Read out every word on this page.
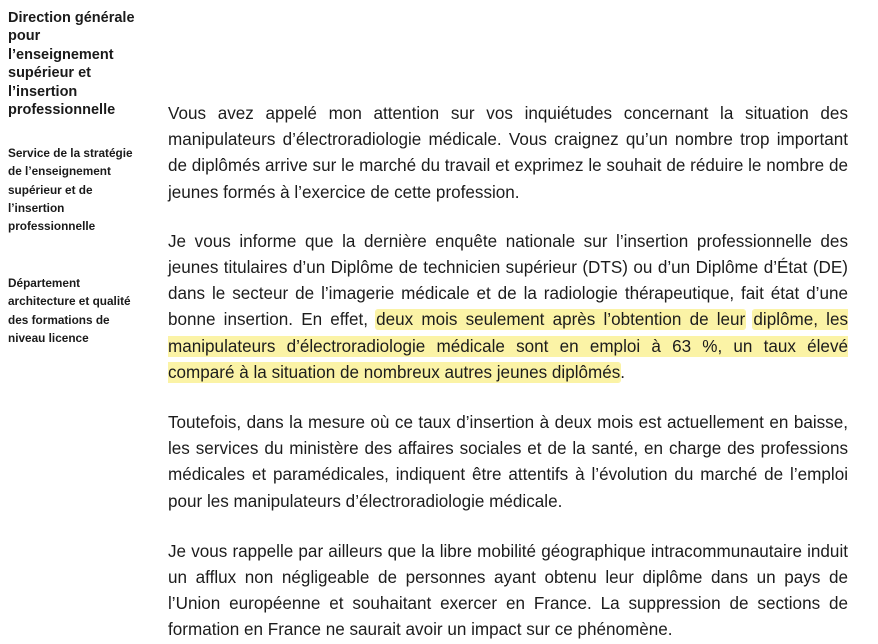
Direction générale
pour
l’enseignement
supérieur et
l’insertion
professionnelle

Service de la stratégie
de l’enseignement
supérieur et de
l’insertion
professionnelle

Département
architecture et qualité
des formations de
niveau licence

Vous avez appelé mon attention sur vos inquiétudes concernant la situation des manipulateurs d’électroradiologie médicale. Vous craignez qu’un nombre trop important de diplômés arrive sur le marché du travail et exprimez le souhait de réduire le nombre de jeunes formés à l’exercice de cette profession.

Je vous informe que la dernière enquête nationale sur l’insertion professionnelle des jeunes titulaires d’un Diplôme de technicien supérieur (DTS) ou d’un Diplôme d’État (DE) dans le secteur de l’imagerie médicale et de la radiologie thérapeutique, fait état d’une bonne insertion. En effet, deux mois seulement après l’obtention de leur diplôme, les manipulateurs d’électroradiologie médicale sont en emploi à 63 %, un taux élevé comparé à la situation de nombreux autres jeunes diplômés.

Toutefois, dans la mesure où ce taux d’insertion à deux mois est actuellement en baisse, les services du ministère des affaires sociales et de la santé, en charge des professions médicales et paramédicales, indiquent être attentifs à l’évolution du marché de l’emploi pour les manipulateurs d’électroradiologie médicale.

Je vous rappelle par ailleurs que la libre mobilité géographique intracommunautaire induit un afflux non négligeable de personnes ayant obtenu leur diplôme dans un pays de l’Union européenne et souhaitant exercer en France. La suppression de sections de formation en France ne saurait avoir un impact sur ce phénomène.
